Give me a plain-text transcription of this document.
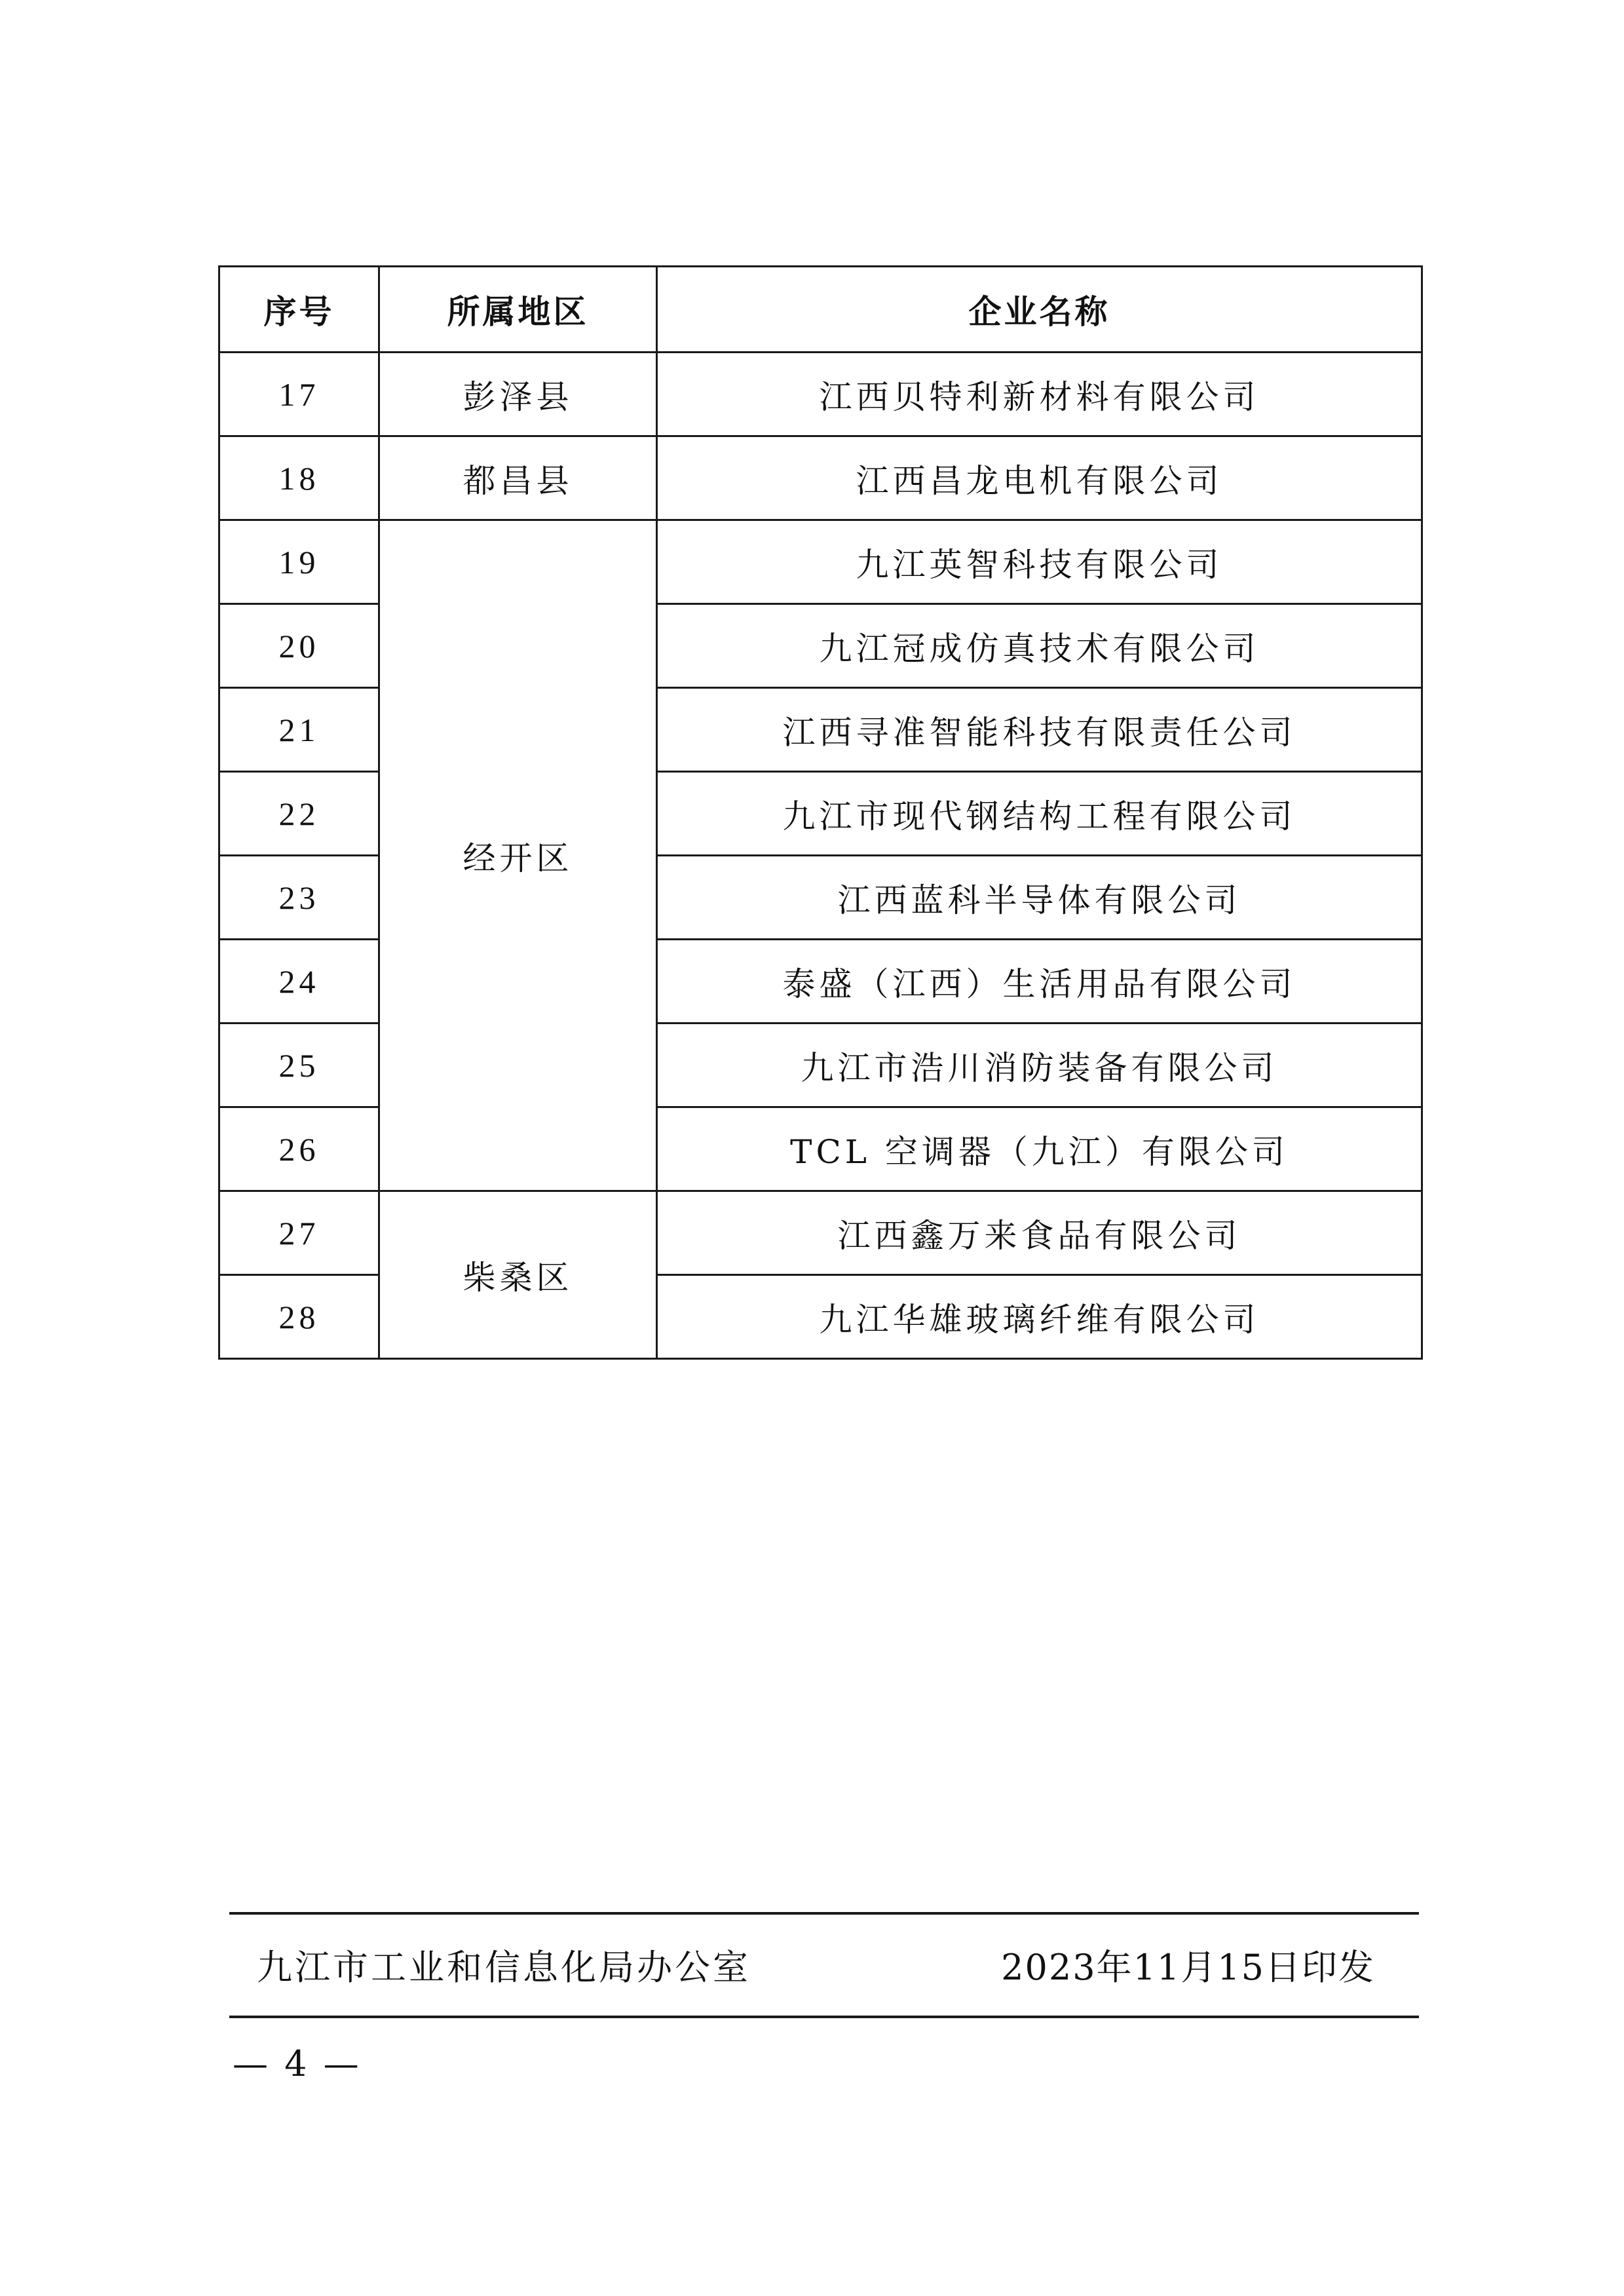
序号	所属地区	企业名称
17	彭泽县	江西贝特利新材料有限公司
18	都昌县	江西昌龙电机有限公司
19	经开区	九江英智科技有限公司
20		九江冠成仿真技术有限公司
21		江西寻准智能科技有限责任公司
22		九江市现代钢结构工程有限公司
23		江西蓝科半导体有限公司
24		泰盛（江西）生活用品有限公司
25		九江市浩川消防装备有限公司
26		TCL 空调器（九江）有限公司
27	柴桑区	江西鑫万来食品有限公司
28		九江华雄玻璃纤维有限公司
九江市工业和信息化局办公室	2023年11月15日印发
— 4 —
